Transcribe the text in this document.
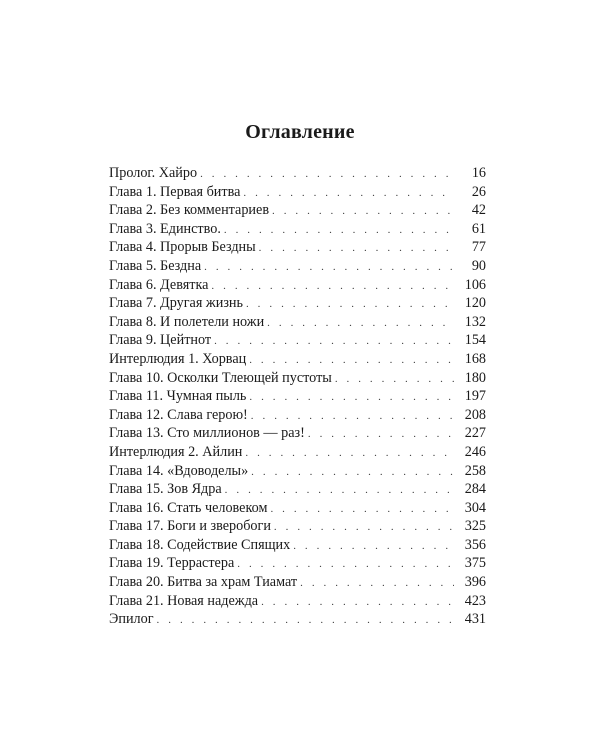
Оглавление
Пролог. Хайро . . .	16
Глава 1. Первая битва . . .	26
Глава 2. Без комментариев . . .	42
Глава 3. Единство. . . .	61
Глава 4. Прорыв Бездны . . .	77
Глава 5. Бездна . . .	90
Глава 6. Девятка . . .	106
Глава 7. Другая жизнь . . .	120
Глава 8. И полетели ножи . . .	132
Глава 9. Цейтнот . . .	154
Интерлюдия 1. Хорвац . . .	168
Глава 10. Осколки Тлеющей пустоты . . .	180
Глава 11. Чумная пыль . . .	197
Глава 12. Слава герою! . . .	208
Глава 13. Сто миллионов — раз! . . .	227
Интерлюдия 2. Айлин . . .	246
Глава 14. «Вдоводелы» . . .	258
Глава 15. Зов Ядра . . .	284
Глава 16. Стать человеком . . .	304
Глава 17. Боги и зверобоги . . .	325
Глава 18. Содействие Спящих . . .	356
Глава 19. Террастера . . .	375
Глава 20. Битва за храм Тиамат . . .	396
Глава 21. Новая надежда . . .	423
Эпилог . . .	431
